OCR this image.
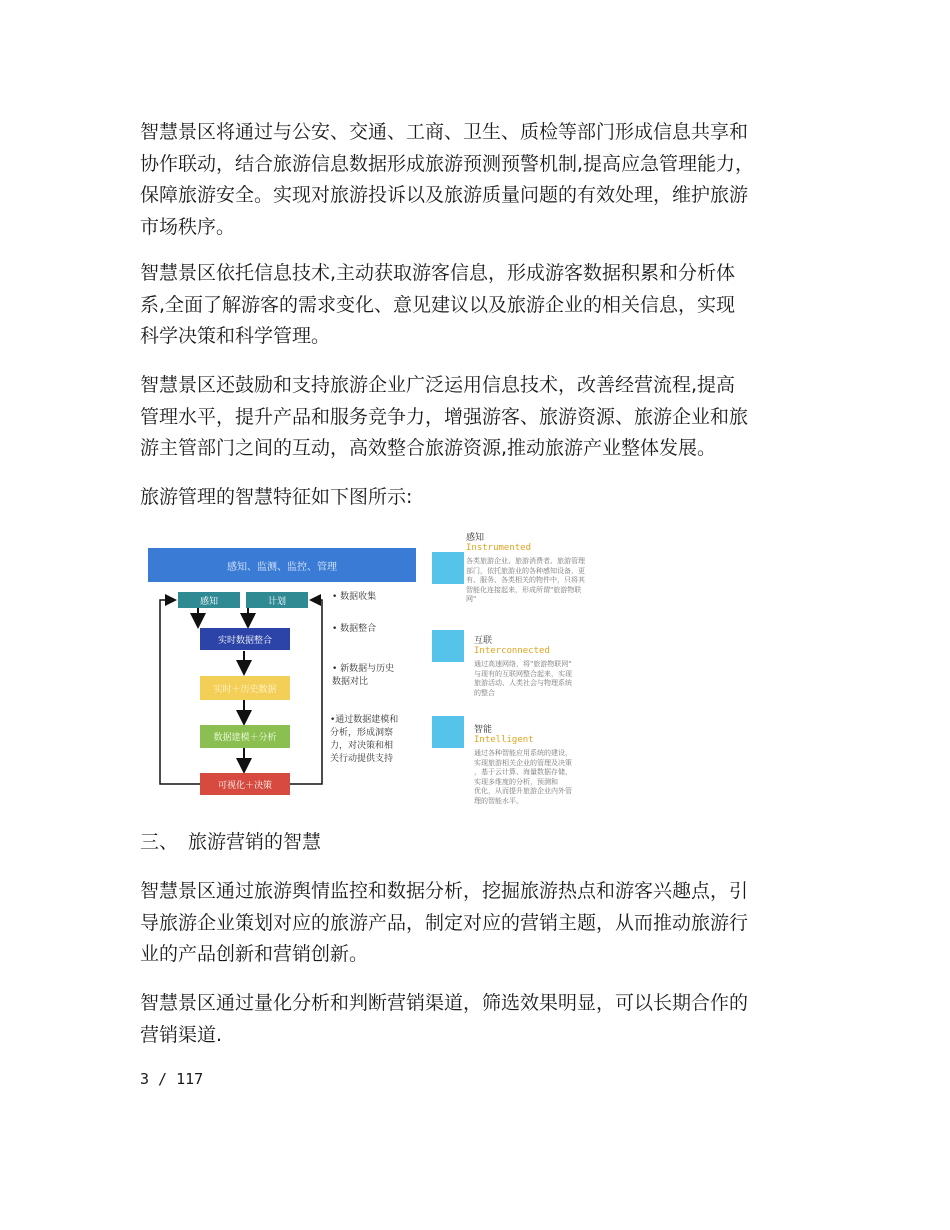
智慧景区将通过与公安、交通、工商、卫生、质检等部门形成信息共享和
协作联动，结合旅游信息数据形成旅游预测预警机制,提高应急管理能力，
保障旅游安全。实现对旅游投诉以及旅游质量问题的有效处理，维护旅游
市场秩序。

智慧景区依托信息技术,主动获取游客信息，形成游客数据积累和分析体
系,全面了解游客的需求变化、意见建议以及旅游企业的相关信息，实现
科学决策和科学管理。

智慧景区还鼓励和支持旅游企业广泛运用信息技术，改善经营流程,提高
管理水平，提升产品和服务竞争力，增强游客、旅游资源、旅游企业和旅
游主管部门之间的互动，高效整合旅游资源,推动旅游产业整体发展。

旅游管理的智慧特征如下图所示:

感知、监测、监控、管理
感知	计划
实时数据整合
实时＋历史数据
数据建模＋分析
可视化＋决策
• 数据收集
• 数据整合
• 新数据与历史
数据对比
•通过数据建模和
分析，形成洞察
力，对决策和相
关行动提供支持
感知
Instrumented
各类旅游企业、旅游消费者、旅游管理
部门，依托旅游业的各种感知设备，更
有、服务、各类相关的物件中，只将其
智能化连接起来，形成所谓"旅游物联
网"
互联
Interconnected
通过高速网络，将"旅游物联网"
与现有的互联网整合起来，实现
旅游活动、人类社会与物理系统
的整合
智能
Intelligent
通过各种智能应用系统的建设，
实现旅游相关企业的管理及决策
，基于云计算、海量数据存储，
实现多维度的分析，预测和
优化，从而提升旅游企业内外管
理的智能水平。
三、 旅游营销的智慧

智慧景区通过旅游舆情监控和数据分析，挖掘旅游热点和游客兴趣点，引
导旅游企业策划对应的旅游产品，制定对应的营销主题，从而推动旅游行
业的产品创新和营销创新。

智慧景区通过量化分析和判断营销渠道，筛选效果明显，可以长期合作的
营销渠道.

3 / 117
